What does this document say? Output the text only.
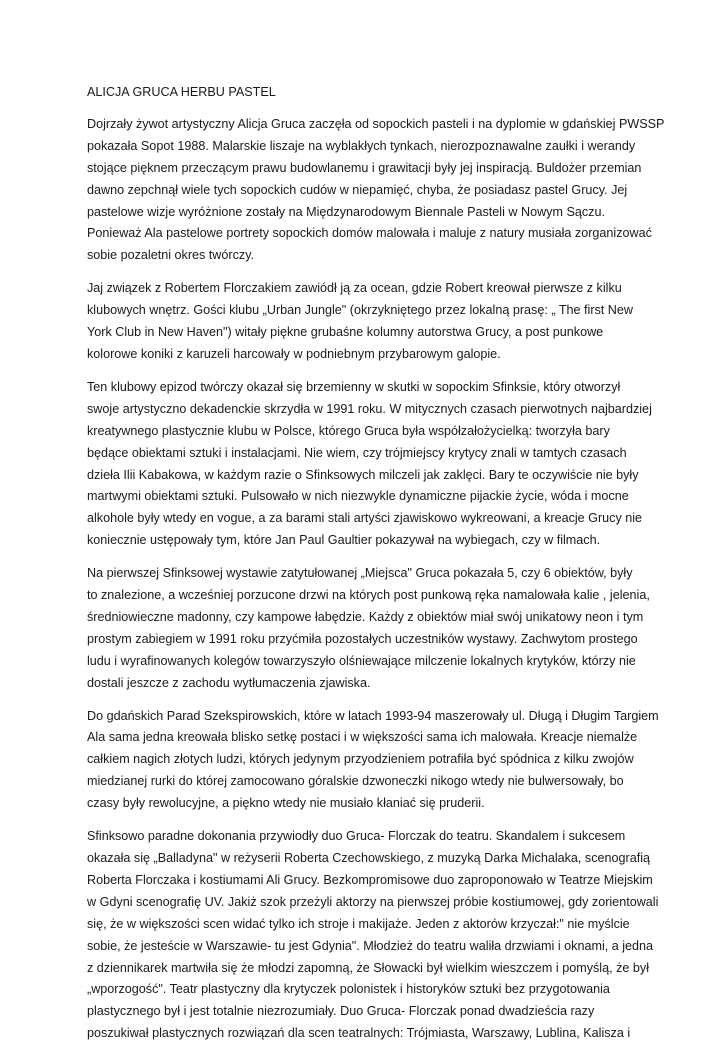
ALICJA GRUCA HERBU PASTEL
Dojrzały żywot artystyczny Alicja Gruca zaczęła od sopockich pasteli i na dyplomie w gdańskiej PWSSP
pokazała Sopot 1988. Malarskie liszaje na wyblakłych tynkach, nierozpoznawalne zaułki i werandy
stojące pięknem przeczącym prawu budowlanemu i grawitacji były jej inspiracją. Buldożer przemian
dawno zepchnął wiele tych sopockich cudów w niepamięć, chyba, że posiadasz pastel Grucy. Jej
pastelowe wizje wyróżnione zostały na Międzynarodowym Biennale Pasteli w Nowym Sączu.
Ponieważ Ala pastelowe portrety sopockich domów malowała i maluje z natury musiała zorganizować
sobie pozaletni okres twórczy.
Jaj związek z Robertem Florczakiem zawiódł ją za ocean, gdzie Robert kreował pierwsze z kilku
klubowych wnętrz. Gości klubu „Urban Jungle" (okrzykniętego przez lokalną prasę: „ The first New
York Club in New Haven") witały piękne grubaśne kolumny autorstwa Grucy, a post punkowe
kolorowe koniki z karuzeli harcowały w podniebnym przybarowym galopie.
Ten klubowy epizod twórczy okazał się brzemienny w skutki w sopockim Sfinksie, który otworzył
swoje artystyczno dekadenckie skrzydła w 1991 roku. W mitycznych czasach pierwotnych najbardziej
kreatywnego plastycznie klubu w Polsce, którego Gruca była współzałożycielką: tworzyła bary
będące obiektami sztuki i instalacjami. Nie wiem, czy trójmiejscy krytycy znali w tamtych czasach
dzieła Ilii Kabakowa, w każdym razie o Sfinksowych milczeli jak zaklęci. Bary te oczywiście nie były
martwymi obiektami sztuki. Pulsowało w nich niezwykle dynamiczne pijackie życie, wóda i mocne
alkohole były wtedy en vogue, a za barami stali artyści zjawiskowo wykreowani, a kreacje Grucy nie
koniecznie ustępowały tym, które Jan Paul Gaultier pokazywał na wybiegach, czy w filmach.
Na pierwszej Sfinksowej wystawie zatytułowanej „Miejsca" Gruca pokazała 5, czy 6 obiektów, były
to znalezione, a wcześniej porzucone drzwi na których post punkową ręka namalowała kalie , jelenia,
średniowieczne madonny, czy kampowe łabędzie. Każdy z obiektów miał swój unikatowy neon i tym
prostym zabiegiem w 1991 roku przyćmiła pozostałych uczestników wystawy. Zachwytom prostego
ludu i wyrafinowanych kolegów towarzyszyło olśniewające milczenie lokalnych krytyków, którzy nie
dostali jeszcze z zachodu wytłumaczenia zjawiska.
Do gdańskich Parad Szekspirowskich, które w latach 1993-94 maszerowały ul. Długą i Długim Targiem
Ala sama jedna kreowała blisko setkę postaci i w większości sama ich malowała. Kreacje niemalże
całkiem nagich złotych ludzi, których jedynym przyodzieniem potrafiła być spódnica z kilku zwojów
miedzianej rurki do której zamocowano góralskie dzwoneczki nikogo wtedy nie bulwersowały, bo
czasy były rewolucyjne, a piękno wtedy nie musiało kłaniać się pruderii.
Sfinksowo paradne dokonania przywiodły duo Gruca- Florczak do teatru. Skandalem i sukcesem
okazała się „Balladyna" w reżyserii Roberta Czechowskiego, z muzyką Darka Michalaka, scenografią
Roberta Florczaka i kostiumami Ali Grucy. Bezkompromisowe duo zaproponowało w Teatrze Miejskim
w Gdyni scenografię UV. Jakiż szok przeżyli aktorzy na pierwszej próbie kostiumowej, gdy zorientowali
się, że w większości scen widać tylko ich stroje i makijaże. Jeden z aktorów krzyczał:" nie myślcie
sobie, że jesteście w Warszawie- tu jest Gdynia". Młodzież do teatru waliła drzwiami i oknami, a jedna
z dziennikarek martwiła się że młodzi zapomną, że Słowacki był wielkim wieszczem i pomyślą, że był
„wporzogość". Teatr plastyczny dla krytyczek polonistek i historyków sztuki bez przygotowania
plastycznego był i jest totalnie niezrozumiały. Duo Gruca- Florczak ponad dwadzieścia razy
poszukiwał plastycznych rozwiązań dla scen teatralnych: Trójmiasta, Warszawy, Lublina, Kalisza i
